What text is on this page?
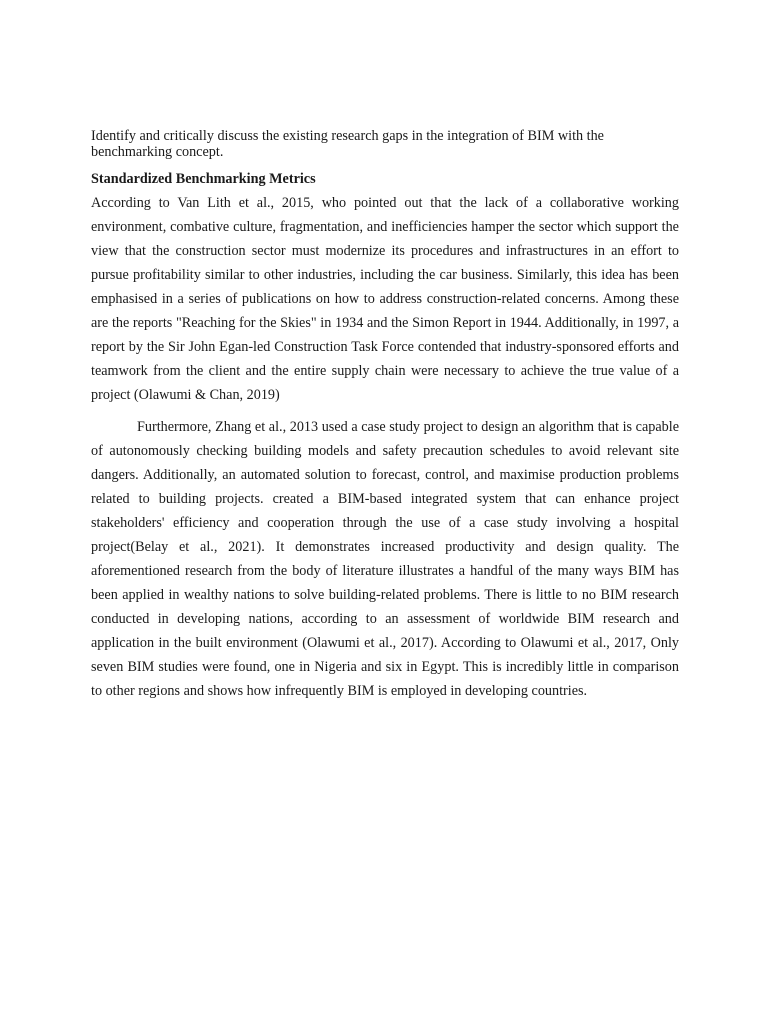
Identify and critically discuss the existing research gaps in the integration of BIM with the benchmarking concept.

Standardized Benchmarking Metrics

According to Van Lith et al., 2015, who pointed out that the lack of a collaborative working environment, combative culture, fragmentation, and inefficiencies hamper the sector which support the view that the construction sector must modernize its procedures and infrastructures in an effort to pursue profitability similar to other industries, including the car business. Similarly, this idea has been emphasised in a series of publications on how to address construction-related concerns. Among these are the reports "Reaching for the Skies" in 1934 and the Simon Report in 1944. Additionally, in 1997, a report by the Sir John Egan-led Construction Task Force contended that industry-sponsored efforts and teamwork from the client and the entire supply chain were necessary to achieve the true value of a project (Olawumi & Chan, 2019)

Furthermore, Zhang et al., 2013 used a case study project to design an algorithm that is capable of autonomously checking building models and safety precaution schedules to avoid relevant site dangers. Additionally, an automated solution to forecast, control, and maximise production problems related to building projects. created a BIM-based integrated system that can enhance project stakeholders' efficiency and cooperation through the use of a case study involving a hospital project(Belay et al., 2021). It demonstrates increased productivity and design quality. The aforementioned research from the body of literature illustrates a handful of the many ways BIM has been applied in wealthy nations to solve building-related problems. There is little to no BIM research conducted in developing nations, according to an assessment of worldwide BIM research and application in the built environment (Olawumi et al., 2017). According to Olawumi et al., 2017, Only seven BIM studies were found, one in Nigeria and six in Egypt. This is incredibly little in comparison to other regions and shows how infrequently BIM is employed in developing countries.
